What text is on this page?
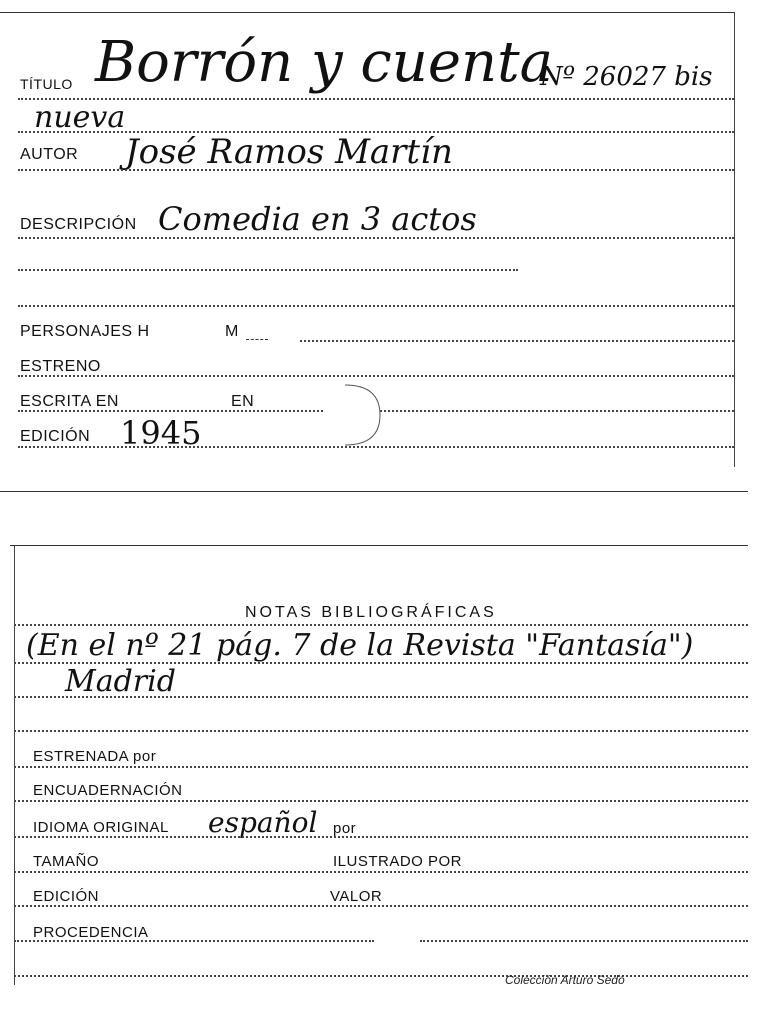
TÍTULO Borrón y cuenta
Nº 26027 bis
nueva
AUTOR José Ramos Martín
DESCRIPCIÓN Comedia en 3 actos
PERSONAJES H	M
ESTRENO
ESCRITA EN	EN
EDICIÓN 1945
NOTAS BIBLIOGRÁFICAS
(En el nº 21 pág. 7 de la Revista "Fantasía")
Madrid
ESTRENADA por
ENCUADERNACIÓN
IDIOMA ORIGINAL español por
TAMAÑO	ILUSTRADO POR
EDICIÓN	VALOR
PROCEDENCIA
Colección Arturo Sedó
